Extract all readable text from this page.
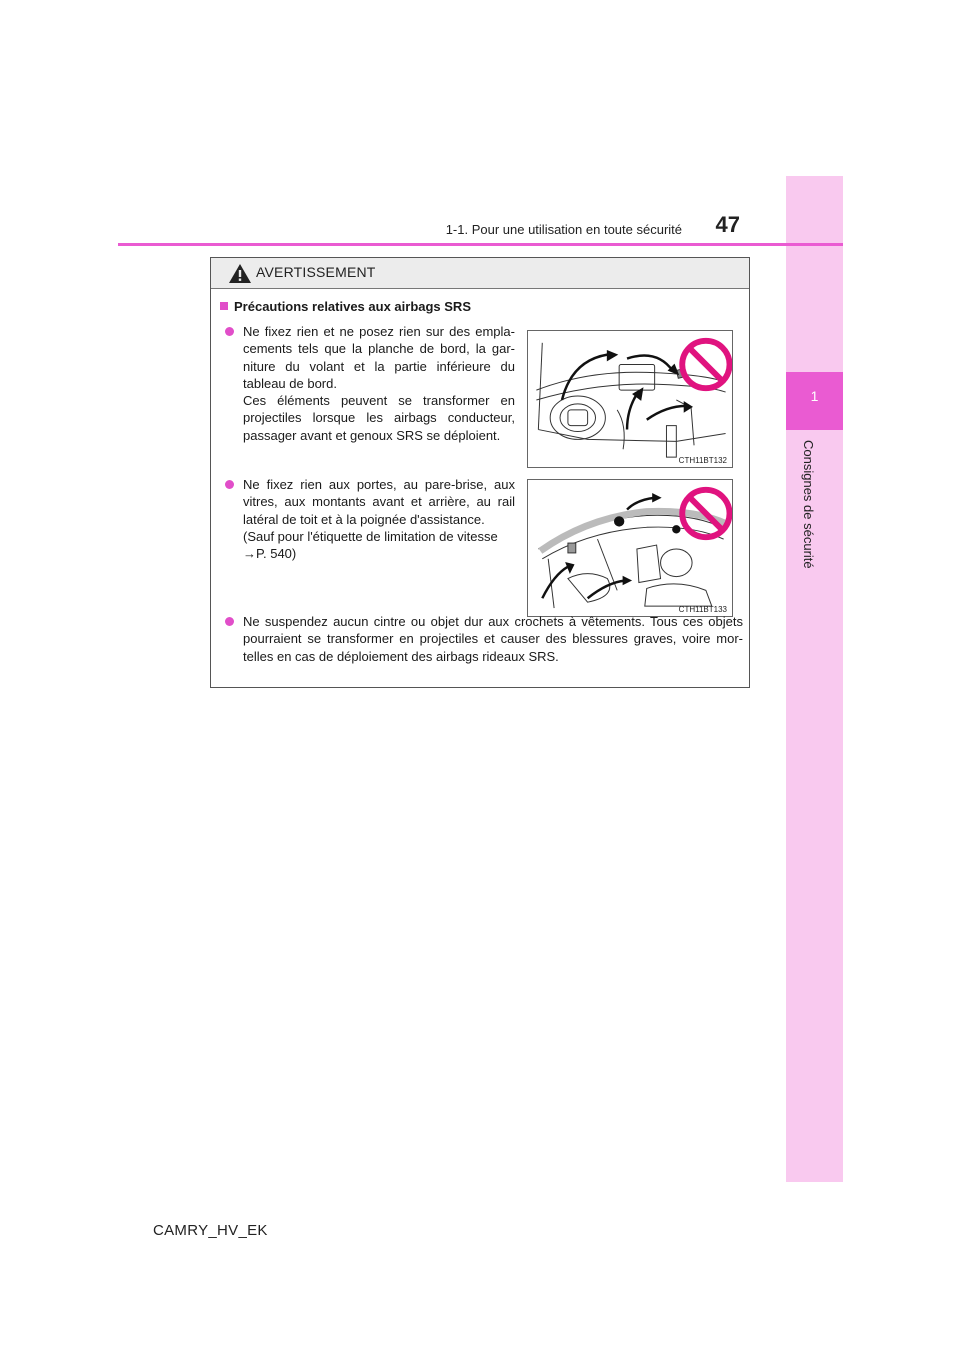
1
Consignes de sécurité
1-1. Pour une utilisation en toute sécurité	47
AVERTISSEMENT
Précautions relatives aux airbags SRS
Ne fixez rien et ne posez rien sur des empla- cements tels que la planche de bord, la gar- niture du volant et la partie inférieure du tableau de bord.
Ces éléments peuvent se transformer en projectiles lorsque les airbags conducteur, passager avant et genoux SRS se déploient.
CTH11BT132
Ne fixez rien aux portes, au pare-brise, aux vitres, aux montants avant et arrière, au rail latéral de toit et à la poignée d'assistance.
(Sauf pour l'étiquette de limitation de vitesse
→P. 540)
CTH11BT133
Ne suspendez aucun cintre ou objet dur aux crochets à vêtements. Tous ces objets pourraient se transformer en projectiles et causer des blessures graves, voire mor- telles en cas de déploiement des airbags rideaux SRS.
CAMRY_HV_EK
